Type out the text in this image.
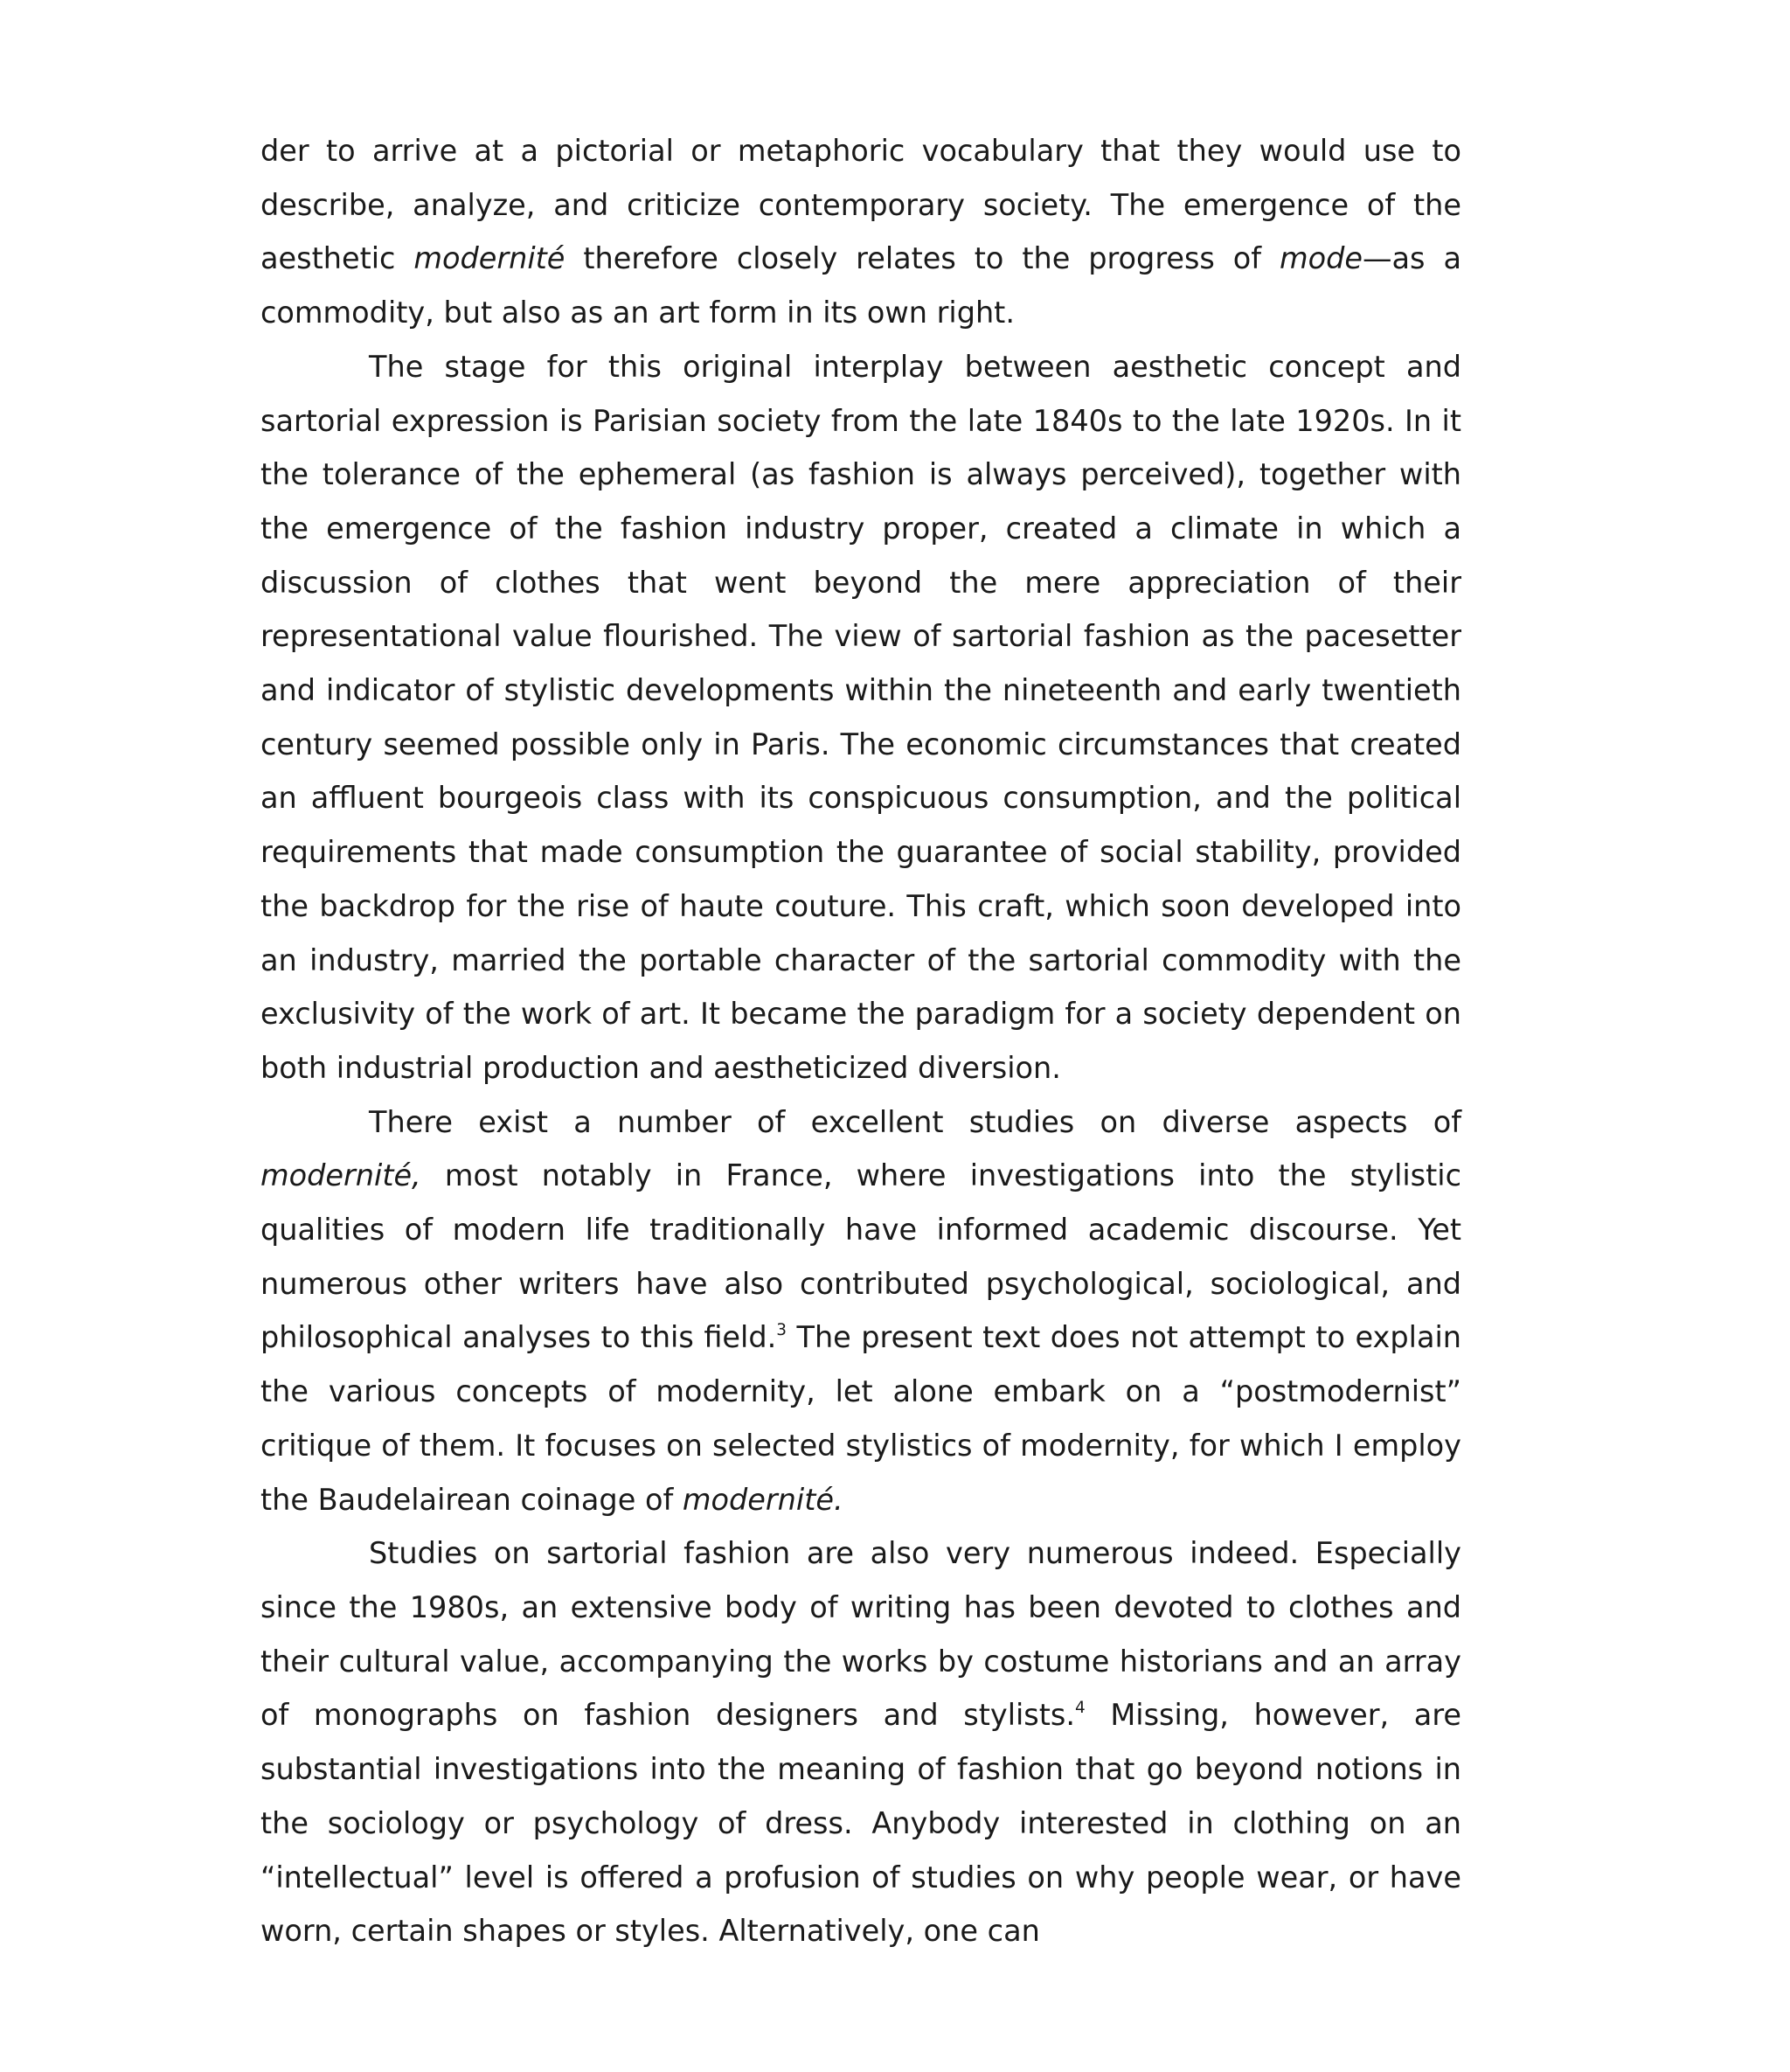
der to arrive at a pictorial or metaphoric vocabulary that they would use to describe, analyze, and criticize contemporary society. The emergence of the aesthetic modernité therefore closely relates to the progress of mode—as a commodity, but also as an art form in its own right.

The stage for this original interplay between aesthetic concept and sartorial expression is Parisian society from the late 1840s to the late 1920s. In it the tolerance of the ephemeral (as fashion is always perceived), together with the emergence of the fashion industry proper, created a climate in which a discussion of clothes that went beyond the mere appreciation of their representational value flourished. The view of sartorial fashion as the pacesetter and indicator of stylistic developments within the nineteenth and early twentieth century seemed possible only in Paris. The economic circumstances that created an affluent bourgeois class with its conspicuous consumption, and the political requirements that made consumption the guarantee of social stability, provided the backdrop for the rise of haute couture. This craft, which soon developed into an industry, married the portable character of the sartorial commodity with the exclusivity of the work of art. It became the paradigm for a society dependent on both industrial production and aestheticized diversion.

There exist a number of excellent studies on diverse aspects of modernité, most notably in France, where investigations into the stylistic qualities of modern life traditionally have informed academic discourse. Yet numerous other writers have also contributed psychological, sociological, and philosophical analyses to this field.$^3$ The present text does not attempt to explain the various concepts of modernity, let alone embark on a “postmodernist” critique of them. It focuses on selected stylistics of modernity, for which I employ the Baudelairean coinage of modernité.

Studies on sartorial fashion are also very numerous indeed. Especially since the 1980s, an extensive body of writing has been devoted to clothes and their cultural value, accompanying the works by costume historians and an array of monographs on fashion designers and stylists.$^4$ Missing, however, are substantial investigations into the meaning of fashion that go beyond notions in the sociology or psychology of dress. Anybody interested in clothing on an “intellectual” level is offered a profusion of studies on why people wear, or have worn, certain shapes or styles. Alternatively, one can
